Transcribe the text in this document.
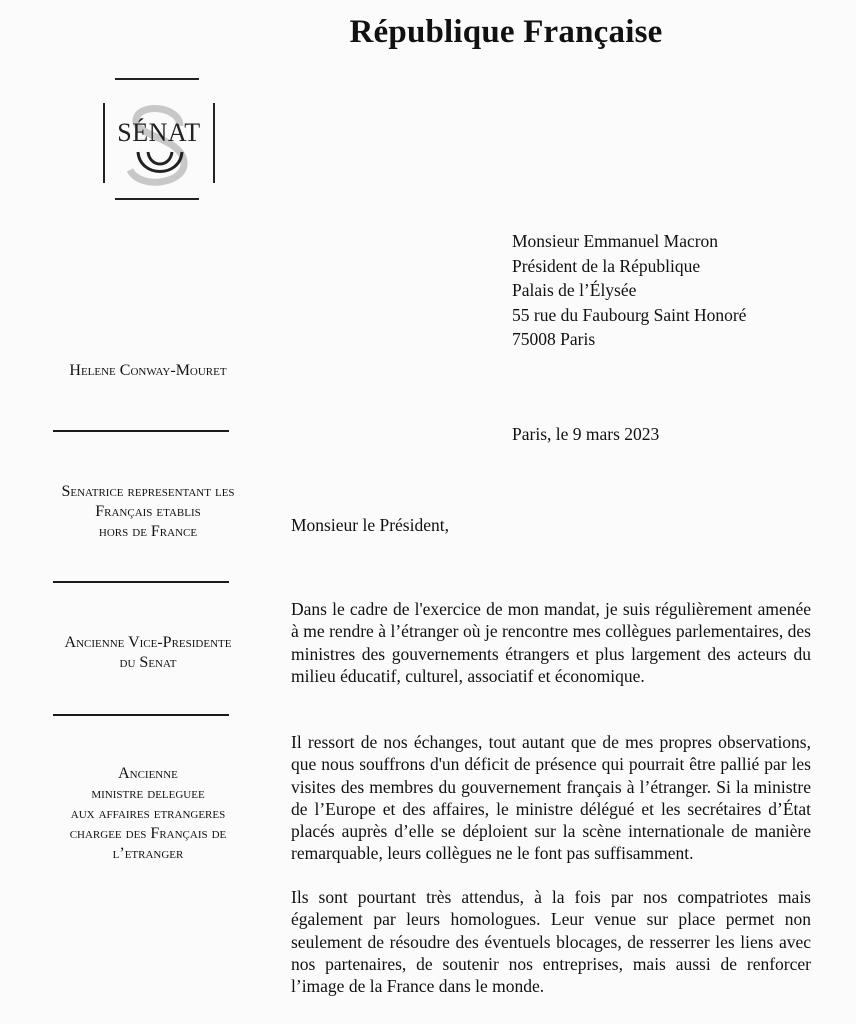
République Française
SÉNAT
Helene Conway-Mouret
Senatrice representant les
Français etablis
hors de France
Ancienne Vice-Presidente
du Senat
Ancienne
ministre deleguee
aux affaires etrangeres
chargee des Français de
l’etranger
Monsieur Emmanuel Macron
Président de la République
Palais de l’Élysée
55 rue du Faubourg Saint Honoré
75008 Paris
Paris, le 9 mars 2023
Monsieur le Président,
Dans le cadre de l'exercice de mon mandat, je suis régulièrement amenée à me rendre à l’étranger où je rencontre mes collègues parlementaires, des ministres des gouvernements étrangers et plus largement des acteurs du milieu éducatif, culturel, associatif et économique.
Il ressort de nos échanges, tout autant que de mes propres observations, que nous souffrons d'un déficit de présence qui pourrait être pallié par les visites des membres du gouvernement français à l’étranger. Si la ministre de l’Europe et des affaires, le ministre délégué et les secrétaires d’État placés auprès d’elle se déploient sur la scène internationale de manière remarquable, leurs collègues ne le font pas suffisamment.
Ils sont pourtant très attendus, à la fois par nos compatriotes mais également par leurs homologues. Leur venue sur place permet non seulement de résoudre des éventuels blocages, de resserrer les liens avec nos partenaires, de soutenir nos entreprises, mais aussi de renforcer l’image de la France dans le monde.
